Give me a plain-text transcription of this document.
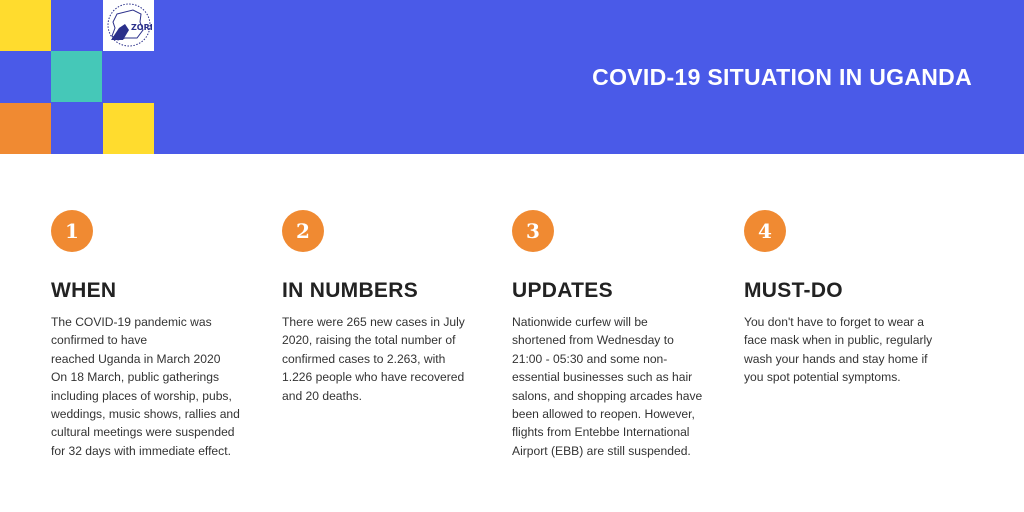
ZORI
COVID-19 SITUATION IN UGANDA
1
WHEN
The COVID-19 pandemic was
confirmed to have
reached Uganda in March 2020
On 18 March, public gatherings
including places of worship, pubs,
weddings, music shows, rallies and
cultural meetings were suspended
for 32 days with immediate effect.
2
IN NUMBERS
There were 265 new cases in July
2020, raising the total number of
confirmed cases to 2.263, with
1.226 people who have recovered
and 20 deaths.
3
UPDATES
Nationwide curfew will be
shortened from Wednesday to
21:00 - 05:30 and some non-
essential businesses such as hair
salons, and shopping arcades have
been allowed to reopen. However,
flights from Entebbe International
Airport (EBB) are still suspended.
4
MUST-DO
You don't have to forget to wear a
face mask when in public, regularly
wash your hands and stay home if
you spot potential symptoms.
